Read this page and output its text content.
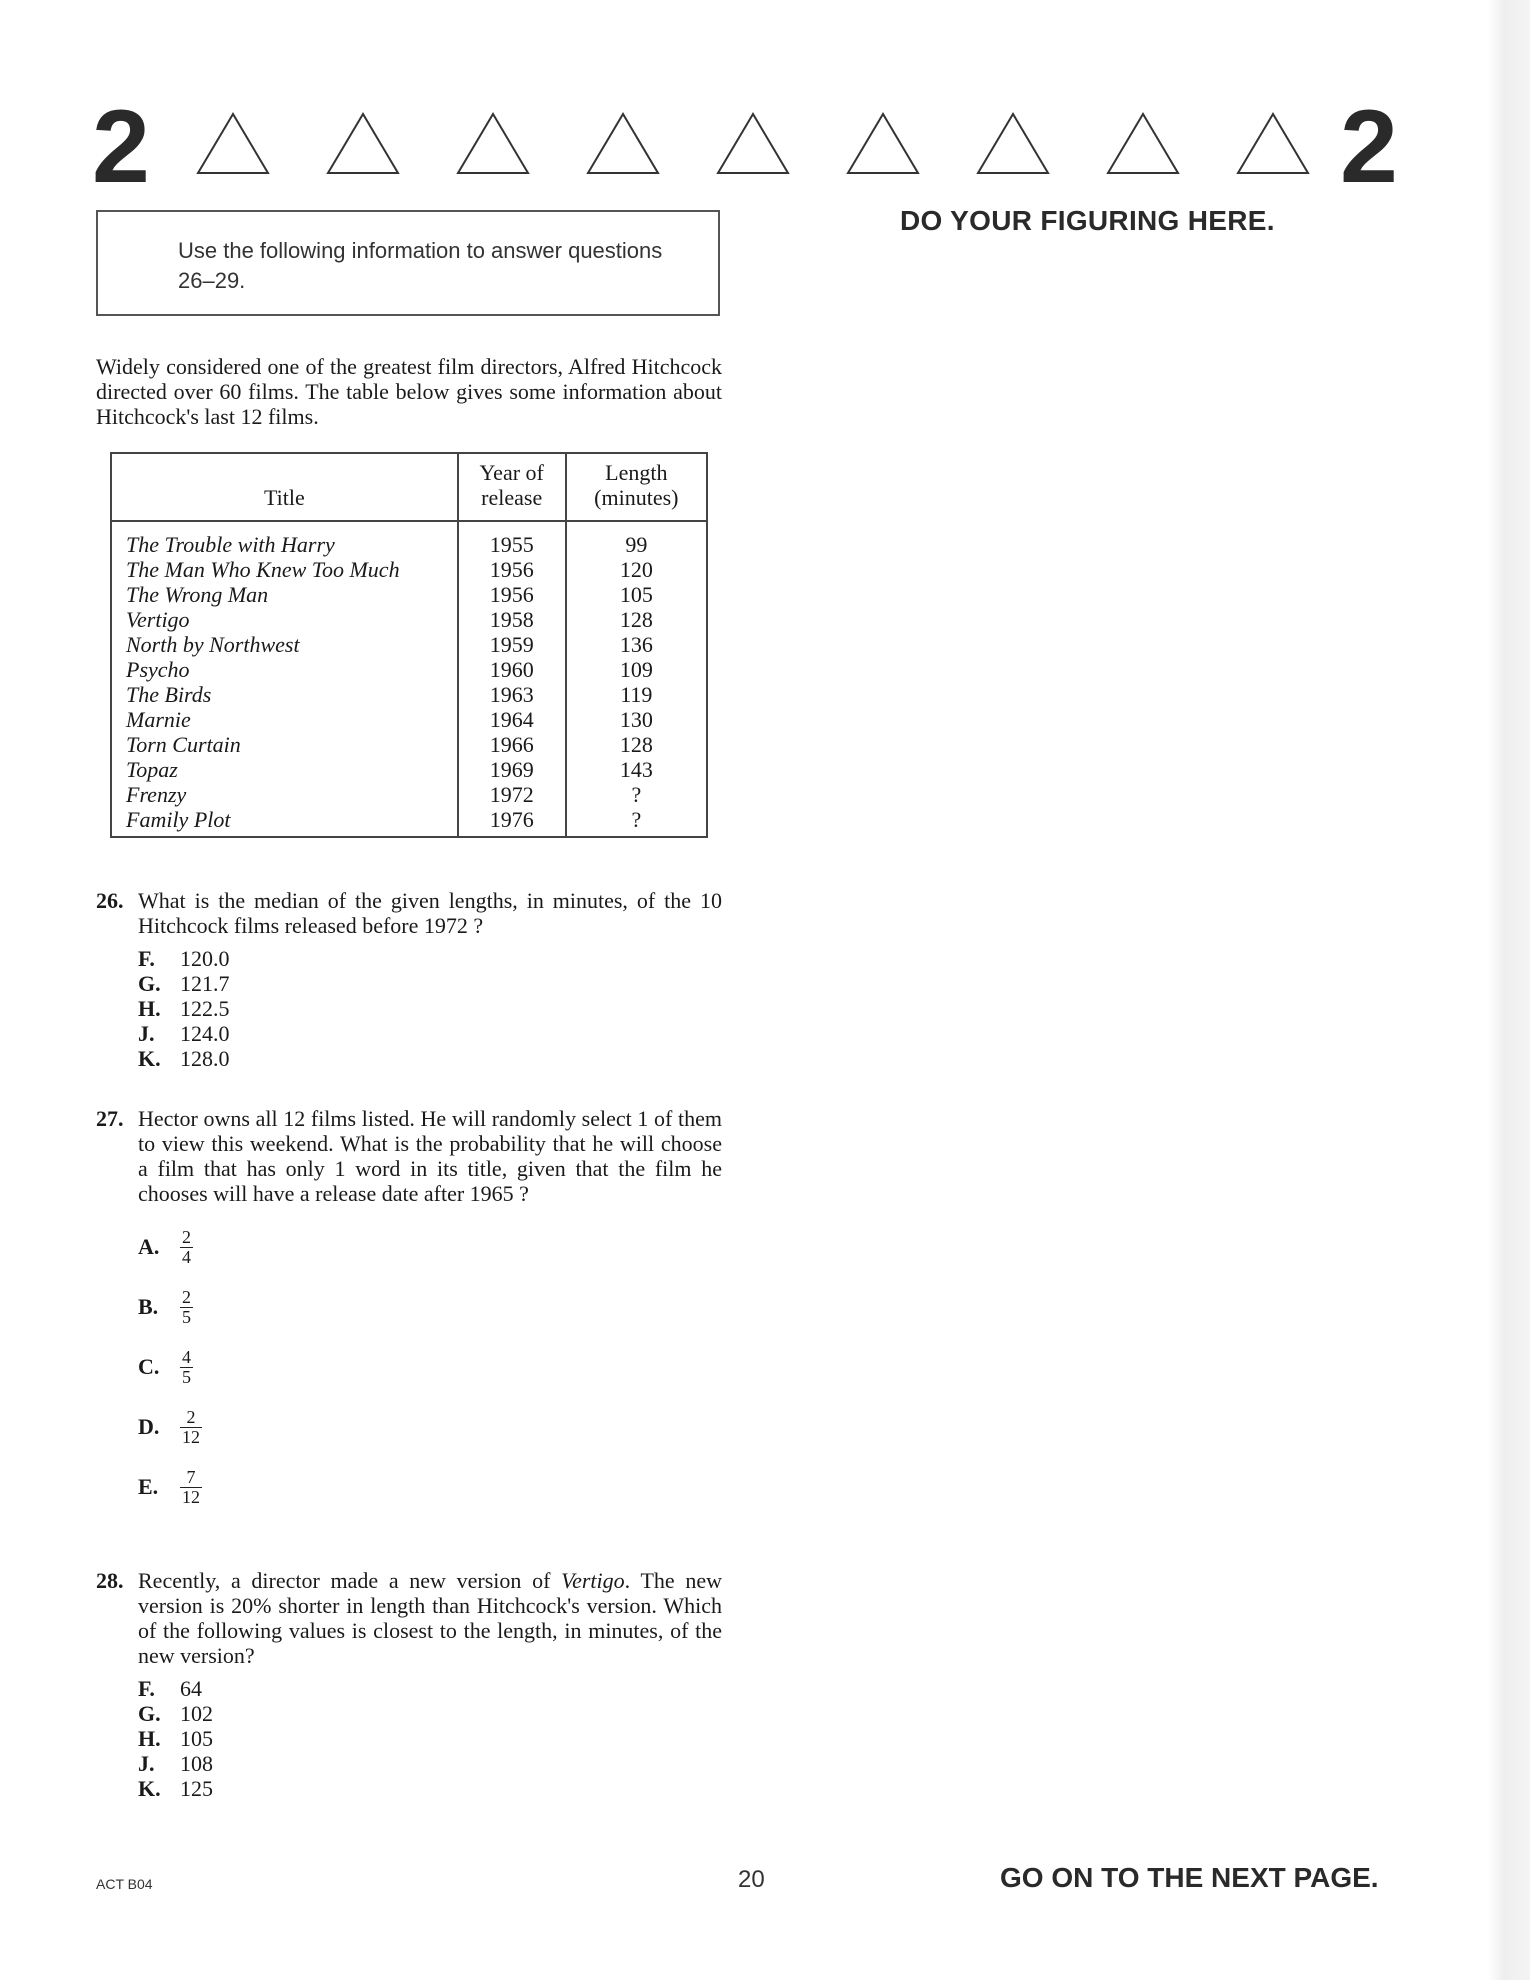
2	2
DO YOUR FIGURING HERE.
Use the following information to answer questions 26–29.
Widely considered one of the greatest film directors, Alfred Hitchcock directed over 60 films. The table below gives some information about Hitchcock's last 12 films.
Title	Year of release	Length (minutes)
The Trouble with Harry	1955	99
The Man Who Knew Too Much	1956	120
The Wrong Man	1956	105
Vertigo	1958	128
North by Northwest	1959	136
Psycho	1960	109
The Birds	1963	119
Marnie	1964	130
Torn Curtain	1966	128
Topaz	1969	143
Frenzy	1972	?
Family Plot	1976	?
26. What is the median of the given lengths, in minutes, of the 10 Hitchcock films released before 1972 ?
F. 120.0
G. 121.7
H. 122.5
J. 124.0
K. 128.0
27. Hector owns all 12 films listed. He will randomly select 1 of them to view this weekend. What is the probability that he will choose a film that has only 1 word in its title, given that the film he chooses will have a release date after 1965 ?
A.	$\frac{2}{4}$
B.	$\frac{2}{5}$
C.	$\frac{4}{5}$
D.	$\frac{2}{12}$
E.	$\frac{7}{12}$
28. Recently, a director made a new version of Vertigo. The new version is 20% shorter in length than Hitchcock's version. Which of the following values is closest to the length, in minutes, of the new version?
F. 64
G. 102
H. 105
J. 108
K. 125
ACT B04	20	GO ON TO THE NEXT PAGE.
